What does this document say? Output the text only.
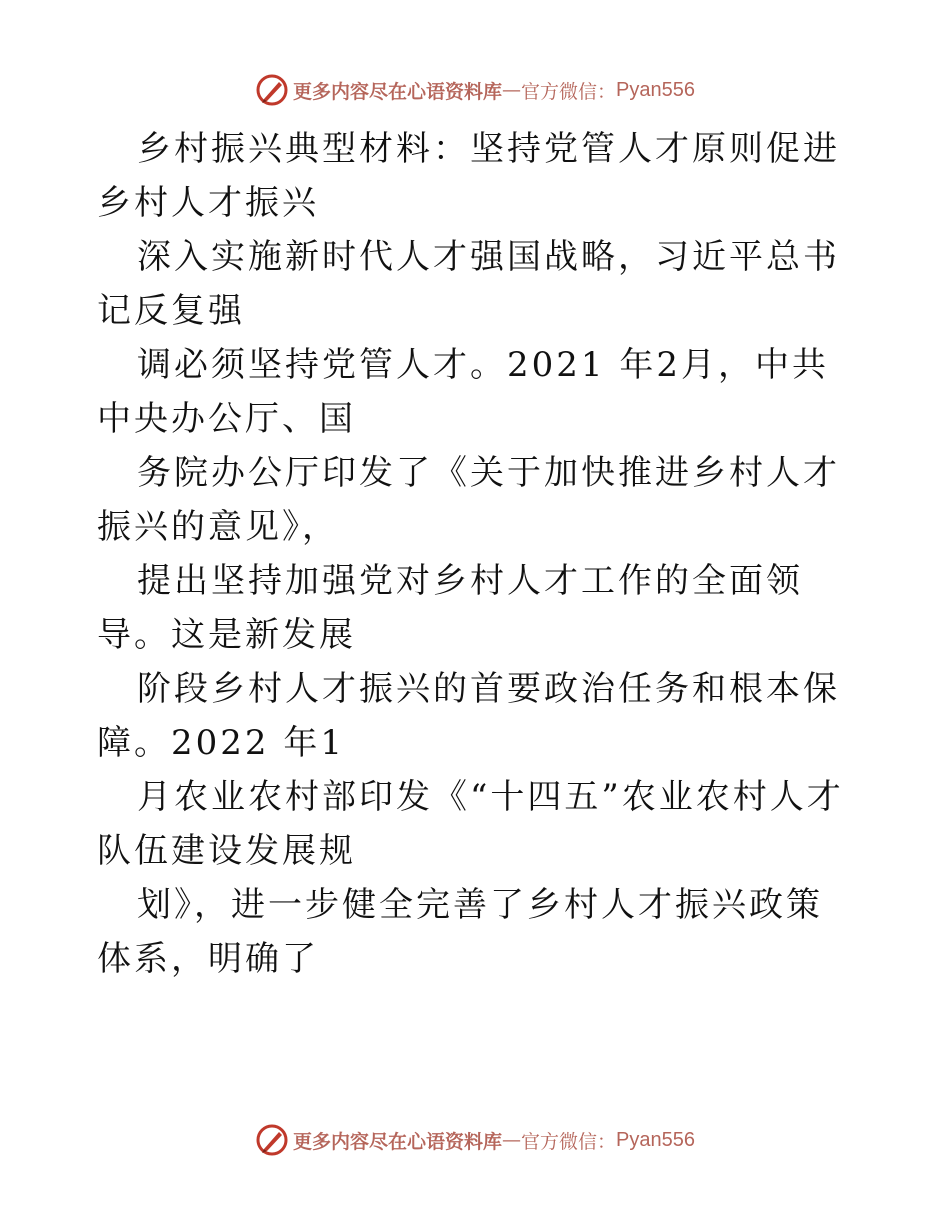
更多内容尽在心语资料库 — 官方微信： Pyan556

乡村振兴典型材料：坚持党管人才原则促进乡村人才振兴

深入实施新时代人才强国战略，习近平总书记反复强

调必须坚持党管人才。2021 年2月，中共中央办公厅、国

务院办公厅印发了《关于加快推进乡村人才振兴的意见》，

提出坚持加强党对乡村人才工作的全面领导。这是新发展

阶段乡村人才振兴的首要政治任务和根本保障。2022 年1

月农业农村部印发《“十四五”农业农村人才队伍建设发展规

划》，进一步健全完善了乡村人才振兴政策体系，明确了

更多内容尽在心语资料库 — 官方微信： Pyan556
